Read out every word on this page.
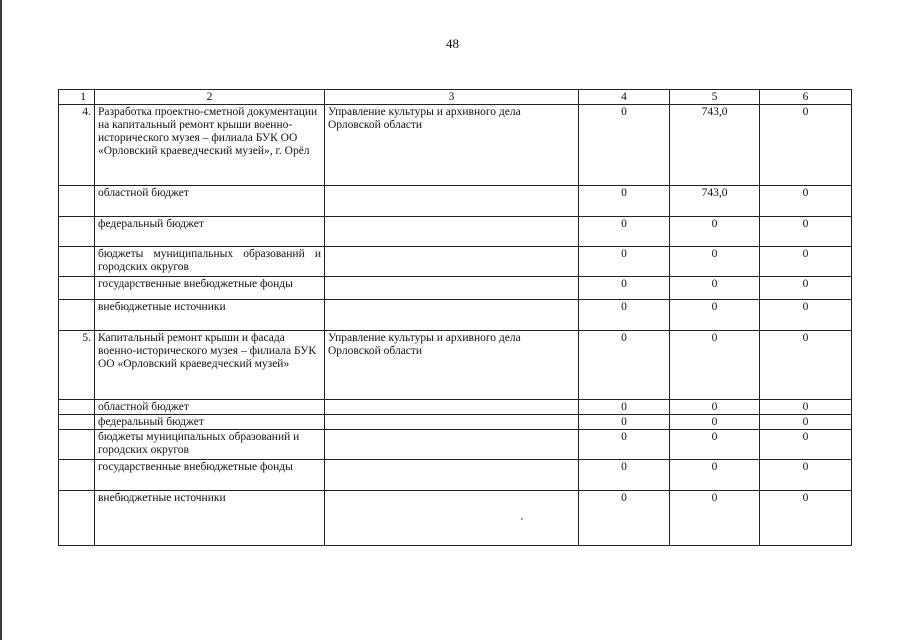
48
1	2	3	4	5	6
4.	Разработка проектно-сметной документации на капитальный ремонт крыши военно-исторического музея – филиала БУК ОО «Орловский краеведческий музей», г. Орёл	Управление культуры и архивного дела Орловской области	0	743,0	0
	областной бюджет		0	743,0	0
	федеральный бюджет		0	0	0
	бюджеты муниципальных образований и городских округов		0	0	0
	государственные внебюджетные фонды		0	0	0
	внебюджетные источники		0	0	0
5.	Капитальный ремонт крыши и фасада военно-исторического музея – филиала БУК ОО «Орловский краеведческий музей»	Управление культуры и архивного дела Орловской области	0	0	0
	областной бюджет		0	0	0
	федеральный бюджет		0	0	0
	бюджеты муниципальных образований и городских округов		0	0	0
	государственные внебюджетные фонды		0	0	0
	внебюджетные источники		0	0	0
